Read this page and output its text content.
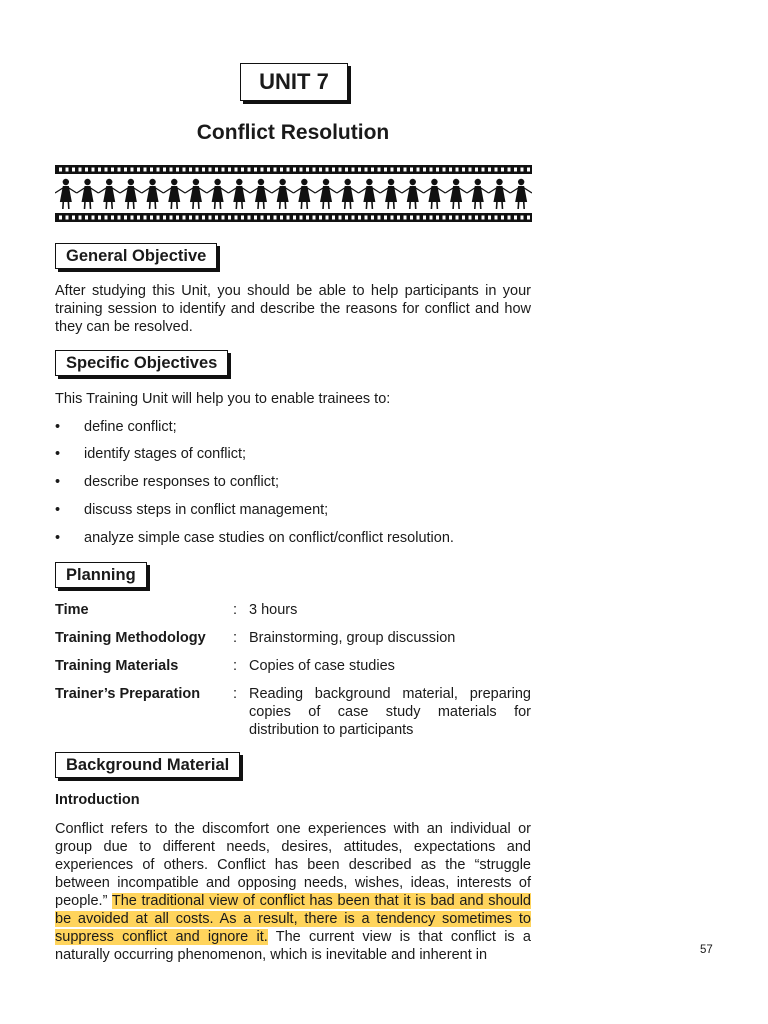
UNIT 7
Conflict Resolution
General Objective

After studying this Unit, you should be able to help participants in your training session to identify and describe the reasons for conflict and how they can be resolved.

Specific Objectives

This Training Unit will help you to enable trainees to:

• define conflict;
• identify stages of conflict;
• describe responses to conflict;
• discuss steps in conflict management;
• analyze simple case studies on conflict/conflict resolution.
Planning
Time	: 3 hours
Training Methodology : Brainstorming, group discussion
Training Materials	: Copies of case studies
Trainer’s Preparation : Reading background material, preparing copies of case study materials for distribution to participants
Background Material
Introduction

Conflict refers to the discomfort one experiences with an individual or group due to different needs, desires, attitudes, expectations and experiences of others. Conflict has been described as the “struggle between incompatible and opposing needs, wishes, ideas, interests of people.” The traditional view of conflict has been that it is bad and should be avoided at all costs. As a result, there is a tendency sometimes to suppress conflict and ignore it. The current view is that conflict is a naturally occurring phenomenon, which is inevitable and inherent in	57
